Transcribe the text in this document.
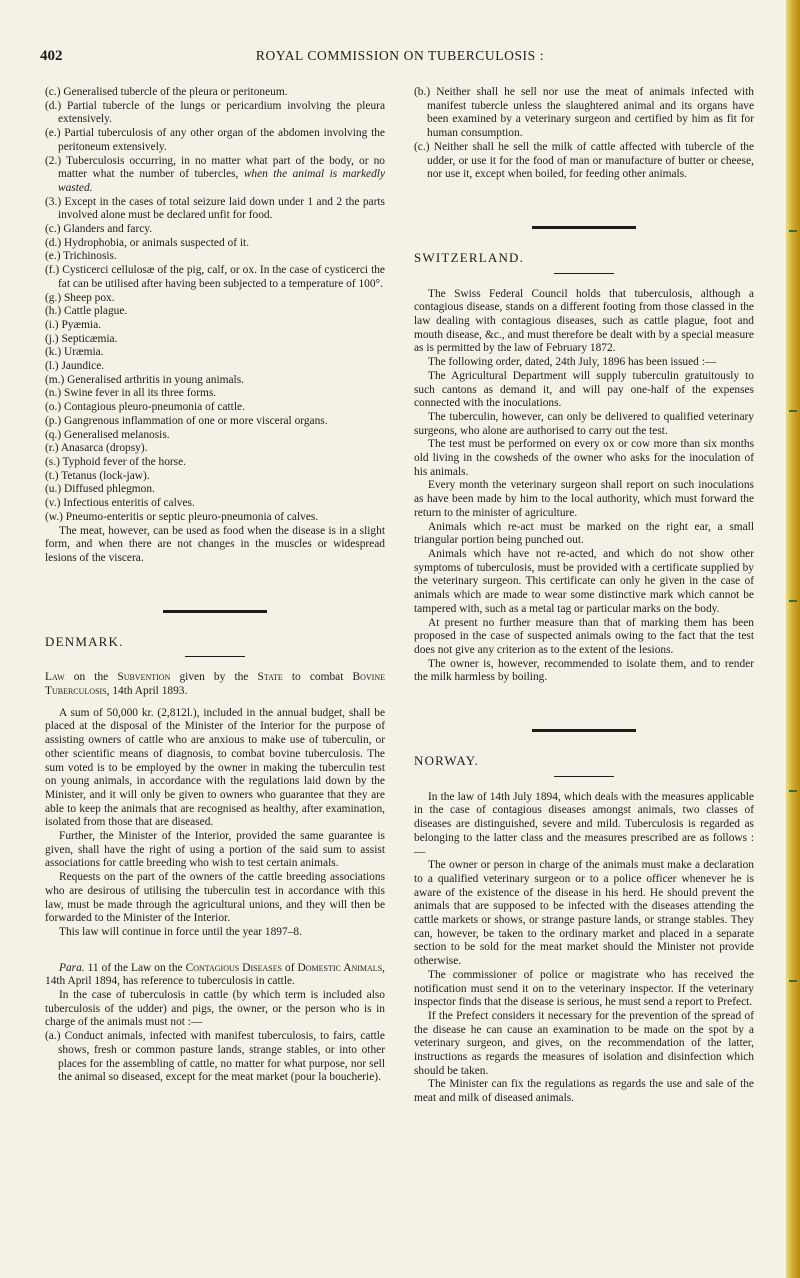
402	ROYAL COMMISSION ON TUBERCULOSIS :

(c.) Generalised tubercle of the pleura or peritoneum.

(d.) Partial tubercle of the lungs or pericardium involving the pleura extensively.

(e.) Partial tuberculosis of any other organ of the abdomen involving the peritoneum extensively.

(2.) Tuberculosis occurring, in no matter what part of the body, or no matter what the number of tubercles, when the animal is markedly wasted.

(3.) Except in the cases of total seizure laid down under 1 and 2 the parts involved alone must be declared unfit for food.

(c.) Glanders and farcy.

(d.) Hydrophobia, or animals suspected of it.

(e.) Trichinosis.

(f.) Cysticerci cellulosæ of the pig, calf, or ox. In the case of cysticerci the fat can be utilised after having been subjected to a temperature of 100°.

(g.) Sheep pox.

(h.) Cattle plague.

(i.) Pyæmia.

(j.) Septicæmia.

(k.) Uræmia.

(l.) Jaundice.

(m.) Generalised arthritis in young animals.

(n.) Swine fever in all its three forms.

(o.) Contagious pleuro-pneumonia of cattle.

(p.) Gangrenous inflammation of one or more visceral organs.

(q.) Generalised melanosis.

(r.) Anasarca (dropsy).

(s.) Typhoid fever of the horse.

(t.) Tetanus (lock-jaw).

(u.) Diffused phlegmon.

(v.) Infectious enteritis of calves.

(w.) Pneumo-enteritis or septic pleuro-pneumonia of calves.

The meat, however, can be used as food when the disease is in a slight form, and when there are not changes in the muscles or widespread lesions of the viscera.

DENMARK.

Law on the Subvention given by the State to combat Bovine Tuberculosis, 14th April 1893.

A sum of 50,000 kr. (2,812l.), included in the annual budget, shall be placed at the disposal of the Minister of the Interior for the purpose of assisting owners of cattle who are anxious to make use of tuberculin, or other scientific means of diagnosis, to combat bovine tuberculosis. The sum voted is to be employed by the owner in making the tuberculin test on young animals, in accordance with the regulations laid down by the Minister, and it will only be given to owners who guarantee that they are able to keep the animals that are recognised as healthy, after examination, isolated from those that are diseased.

Further, the Minister of the Interior, provided the same guarantee is given, shall have the right of using a portion of the said sum to assist associations for cattle breeding who wish to test certain animals.

Requests on the part of the owners of the cattle breeding associations who are desirous of utilising the tuberculin test in accordance with this law, must be made through the agricultural unions, and they will then be forwarded to the Minister of the Interior.

This law will continue in force until the year 1897–8.

Para. 11 of the Law on the Contagious Diseases of Domestic Animals, 14th April 1894, has reference to tuberculosis in cattle.

In the case of tuberculosis in cattle (by which term is included also tuberculosis of the udder) and pigs, the owner, or the person who is in charge of the animals must not :—

(a.) Conduct animals, infected with manifest tuberculosis, to fairs, cattle shows, fresh or common pasture lands, strange stables, or into other places for the assembling of cattle, no matter for what purpose, nor sell the animal so diseased, except for the meat market (pour la boucherie).

(b.) Neither shall he sell nor use the meat of animals infected with manifest tubercle unless the slaughtered animal and its organs have been examined by a veterinary surgeon and certified by him as fit for human consumption.

(c.) Neither shall he sell the milk of cattle affected with tubercle of the udder, or use it for the food of man or manufacture of butter or cheese, nor use it, except when boiled, for feeding other animals.

SWITZERLAND.

The Swiss Federal Council holds that tuberculosis, although a contagious disease, stands on a different footing from those classed in the law dealing with contagious diseases, such as cattle plague, foot and mouth disease, &c., and must therefore be dealt with by a special measure as is permitted by the law of February 1872.

The following order, dated, 24th July, 1896 has been issued :—

The Agricultural Department will supply tuberculin gratuitously to such cantons as demand it, and will pay one-half of the expenses connected with the inoculations.

The tuberculin, however, can only be delivered to qualified veterinary surgeons, who alone are authorised to carry out the test.

The test must be performed on every ox or cow more than six months old living in the cowsheds of the owner who asks for the inoculation of his animals.

Every month the veterinary surgeon shall report on such inoculations as have been made by him to the local authority, which must forward the return to the minister of agriculture.

Animals which re-act must be marked on the right ear, a small triangular portion being punched out.

Animals which have not re-acted, and which do not show other symptoms of tuberculosis, must be provided with a certificate supplied by the veterinary surgeon. This certificate can only he given in the case of animals which are made to wear some distinctive mark which cannot be tampered with, such as a metal tag or particular marks on the body.

At present no further measure than that of marking them has been proposed in the case of suspected animals owing to the fact that the test does not give any criterion as to the extent of the lesions.

The owner is, however, recommended to isolate them, and to render the milk harmless by boiling.

NORWAY.

In the law of 14th July 1894, which deals with the measures applicable in the case of contagious diseases amongst animals, two classes of diseases are distinguished, severe and mild. Tuberculosis is regarded as belonging to the latter class and the measures prescribed are as follows :—

The owner or person in charge of the animals must make a declaration to a qualified veterinary surgeon or to a police officer whenever he is aware of the existence of the disease in his herd. He should prevent the animals that are supposed to be infected with the diseases attending the cattle markets or shows, or strange pasture lands, or strange stables. They can, however, be taken to the ordinary market and placed in a separate section to be sold for the meat market should the Minister not provide otherwise.

The commissioner of police or magistrate who has received the notification must send it on to the veterinary inspector. If the veterinary inspector finds that the disease is serious, he must send a report to Prefect.

If the Prefect considers it necessary for the prevention of the spread of the disease he can cause an examination to be made on the spot by a veterinary surgeon, and gives, on the recommendation of the latter, instructions as regards the measures of isolation and disinfection which should be taken.

The Minister can fix the regulations as regards the use and sale of the meat and milk of diseased animals.
